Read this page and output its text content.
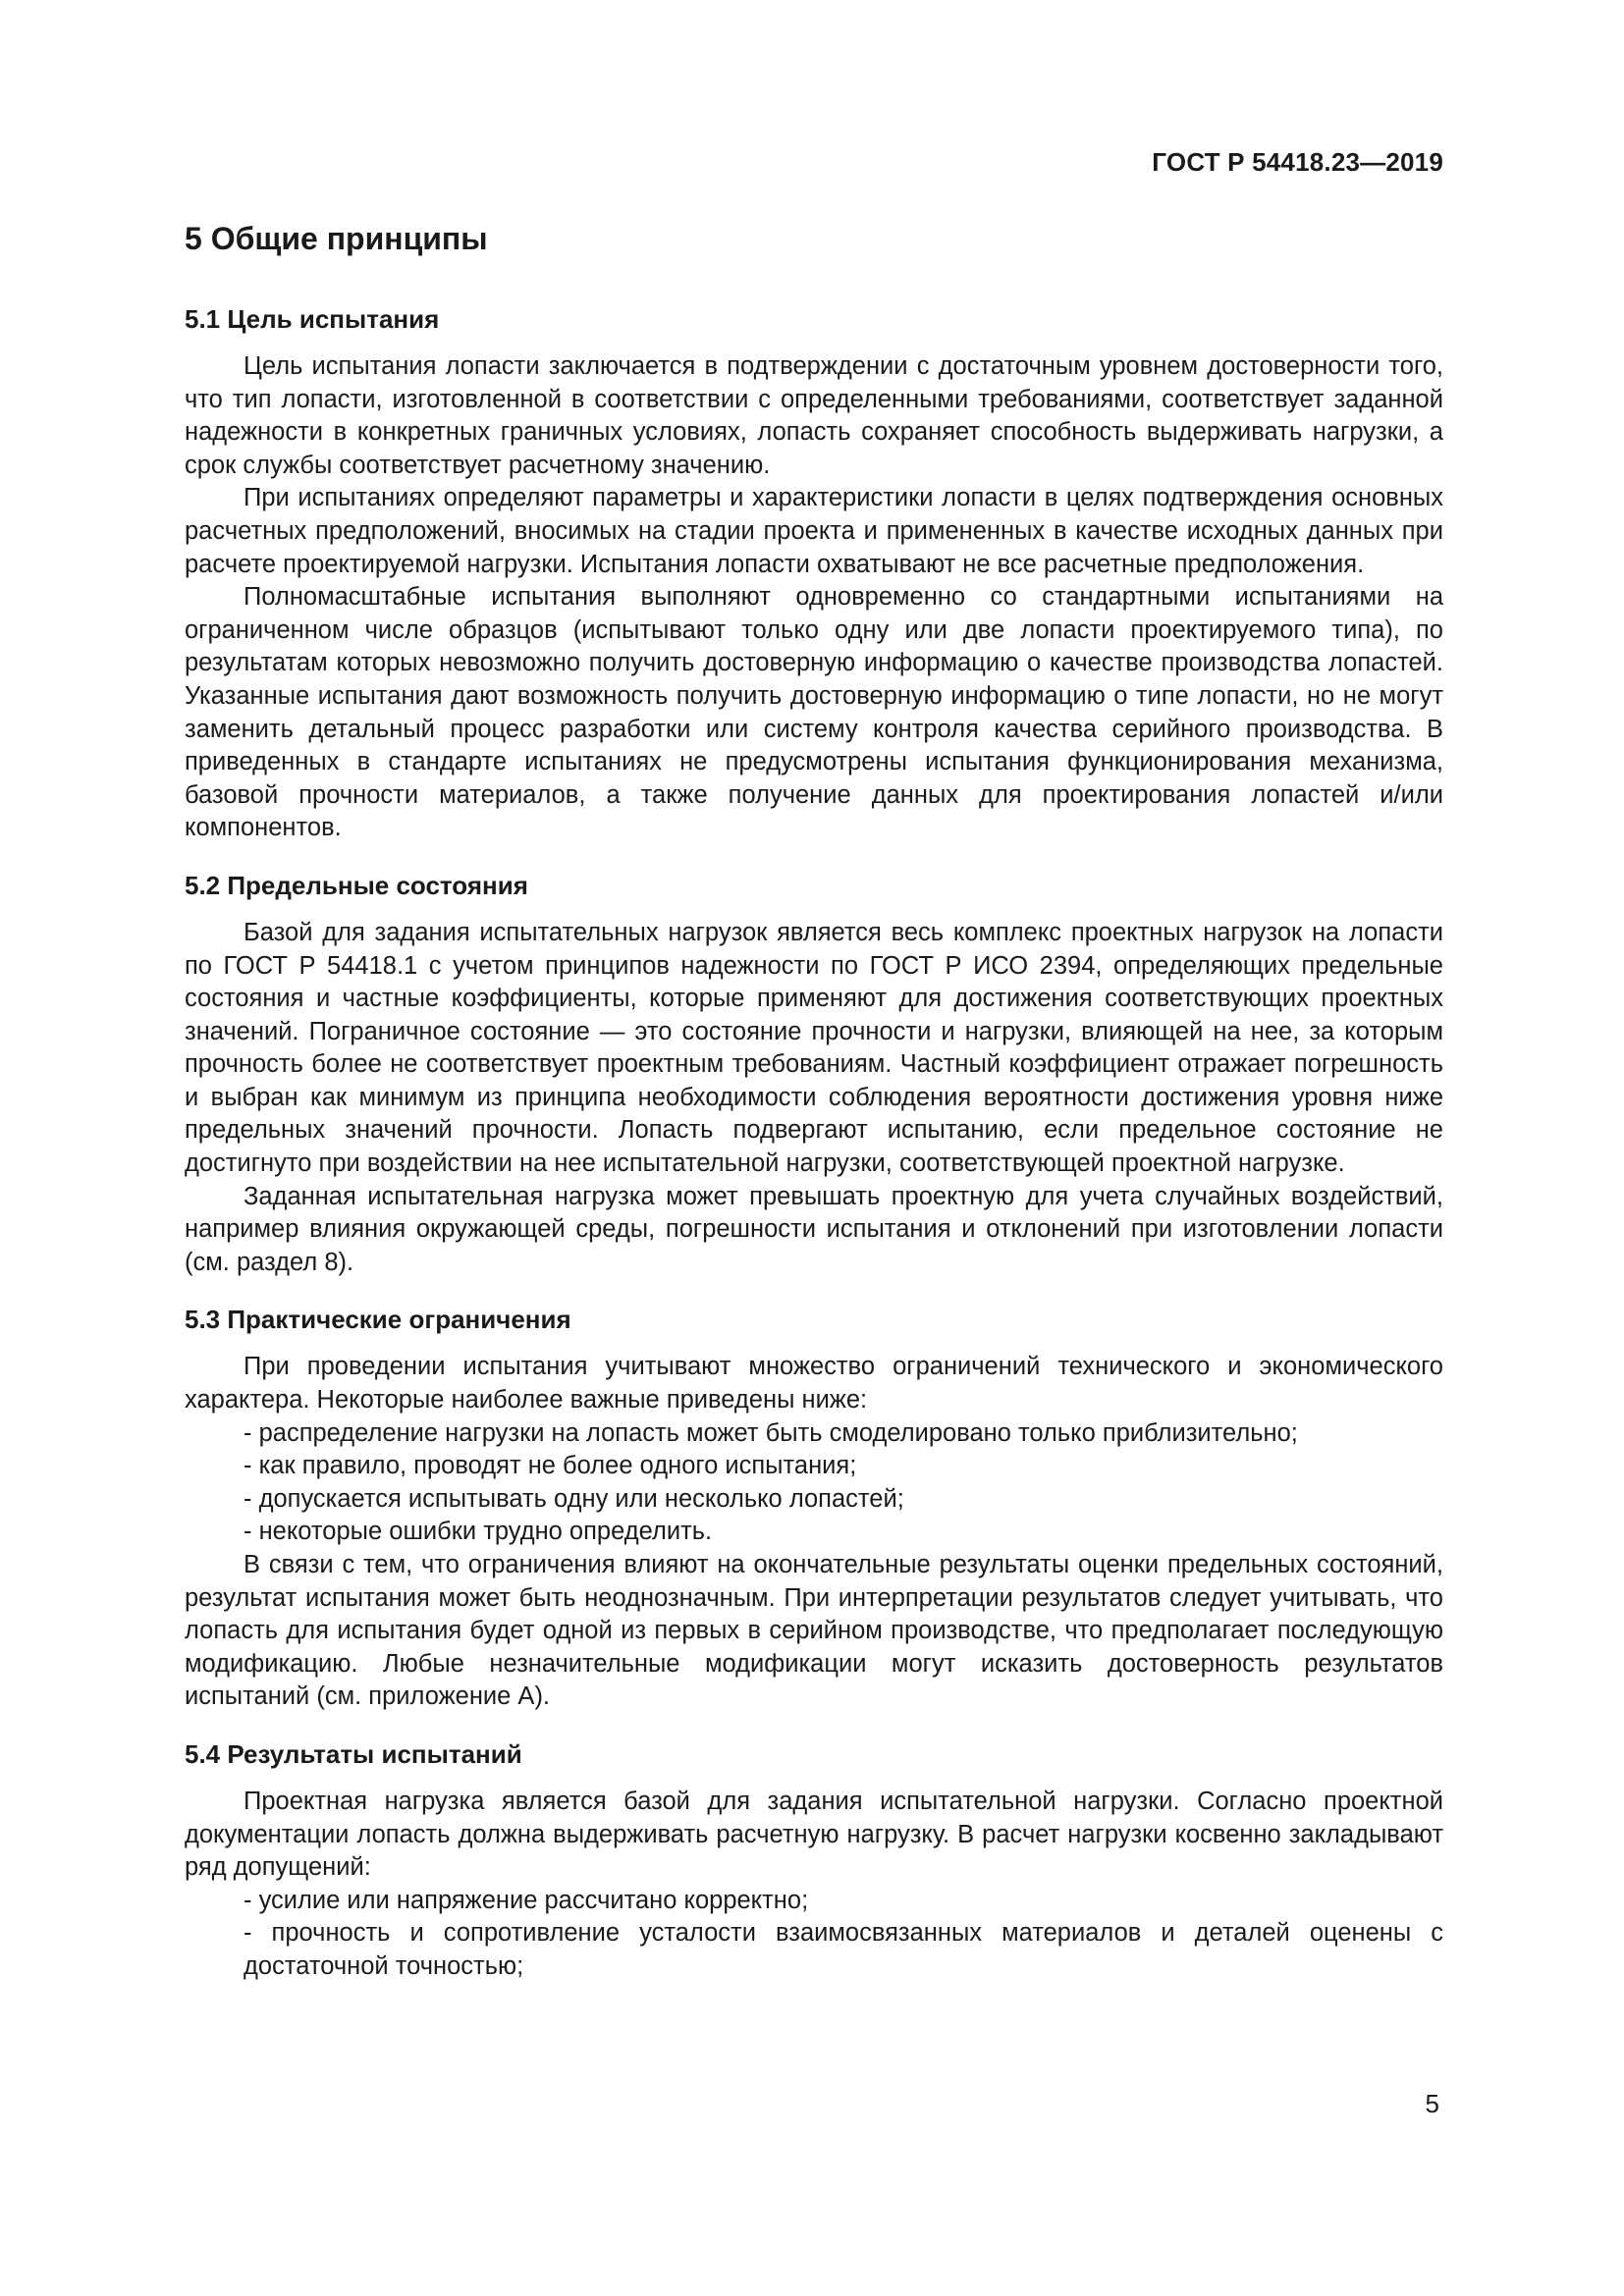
ГОСТ Р 54418.23—2019
5 Общие принципы
5.1 Цель испытания

Цель испытания лопасти заключается в подтверждении с достаточным уровнем достоверности того, что тип лопасти, изготовленной в соответствии с определенными требованиями, соответствует заданной надежности в конкретных граничных условиях, лопасть сохраняет способность выдерживать нагрузки, а срок службы соответствует расчетному значению.

При испытаниях определяют параметры и характеристики лопасти в целях подтверждения основных расчетных предположений, вносимых на стадии проекта и примененных в качестве исходных данных при расчете проектируемой нагрузки. Испытания лопасти охватывают не все расчетные предположения.

Полномасштабные испытания выполняют одновременно со стандартными испытаниями на ограниченном числе образцов (испытывают только одну или две лопасти проектируемого типа), по результатам которых невозможно получить достоверную информацию о качестве производства лопастей. Указанные испытания дают возможность получить достоверную информацию о типе лопасти, но не могут заменить детальный процесс разработки или систему контроля качества серийного производства. В приведенных в стандарте испытаниях не предусмотрены испытания функционирования механизма, базовой прочности материалов, а также получение данных для проектирования лопастей и/или компонентов.

5.2 Предельные состояния

Базой для задания испытательных нагрузок является весь комплекс проектных нагрузок на лопасти по ГОСТ Р 54418.1 с учетом принципов надежности по ГОСТ Р ИСО 2394, определяющих предельные состояния и частные коэффициенты, которые применяют для достижения соответствующих проектных значений. Пограничное состояние — это состояние прочности и нагрузки, влияющей на нее, за которым прочность более не соответствует проектным требованиям. Частный коэффициент отражает погрешность и выбран как минимум из принципа необходимости соблюдения вероятности достижения уровня ниже предельных значений прочности. Лопасть подвергают испытанию, если предельное состояние не достигнуто при воздействии на нее испытательной нагрузки, соответствующей проектной нагрузке.

Заданная испытательная нагрузка может превышать проектную для учета случайных воздействий, например влияния окружающей среды, погрешности испытания и отклонений при изготовлении лопасти (см. раздел 8).

5.3 Практические ограничения

При проведении испытания учитывают множество ограничений технического и экономического характера. Некоторые наиболее важные приведены ниже:

- распределение нагрузки на лопасть может быть смоделировано только приблизительно;

- как правило, проводят не более одного испытания;

- допускается испытывать одну или несколько лопастей;

- некоторые ошибки трудно определить.

В связи с тем, что ограничения влияют на окончательные результаты оценки предельных состояний, результат испытания может быть неоднозначным. При интерпретации результатов следует учитывать, что лопасть для испытания будет одной из первых в серийном производстве, что предполагает последующую модификацию. Любые незначительные модификации могут исказить достоверность результатов испытаний (см. приложение А).

5.4 Результаты испытаний

Проектная нагрузка является базой для задания испытательной нагрузки. Согласно проектной документации лопасть должна выдерживать расчетную нагрузку. В расчет нагрузки косвенно закладывают ряд допущений:

- усилие или напряжение рассчитано корректно;

- прочность и сопротивление усталости взаимосвязанных материалов и деталей оценены с достаточной точностью;

5
